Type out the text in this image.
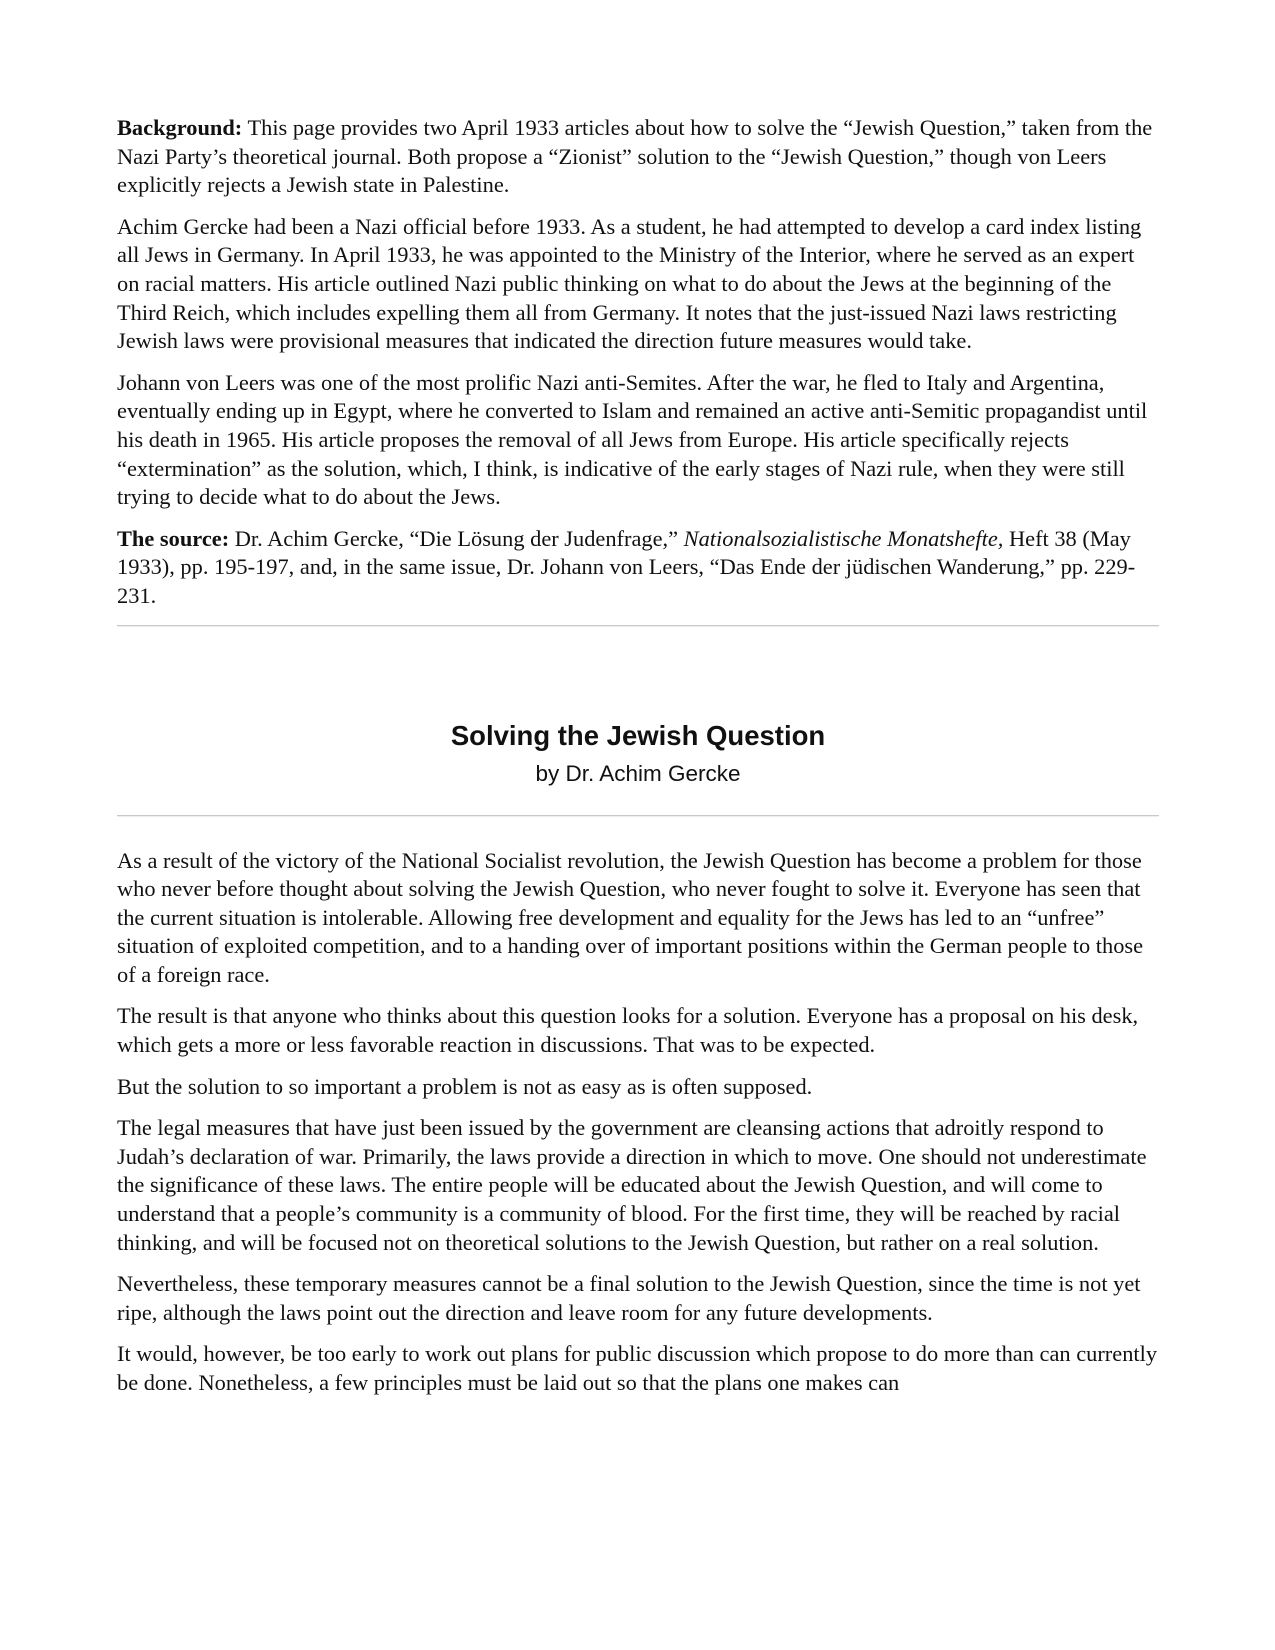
Background: This page provides two April 1933 articles about how to solve the “Jewish Question,” taken from the Nazi Party’s theoretical journal. Both propose a “Zionist” solution to the “Jewish Question,” though von Leers explicitly rejects a Jewish state in Palestine.

Achim Gercke had been a Nazi official before 1933. As a student, he had attempted to develop a card index listing all Jews in Germany. In April 1933, he was appointed to the Ministry of the Interior, where he served as an expert on racial matters. His article outlined Nazi public thinking on what to do about the Jews at the beginning of the Third Reich, which includes expelling them all from Germany. It notes that the just-issued Nazi laws restricting Jewish laws were provisional measures that indicated the direction future measures would take.

Johann von Leers was one of the most prolific Nazi anti-Semites. After the war, he fled to Italy and Argentina, eventually ending up in Egypt, where he converted to Islam and remained an active anti-Semitic propagandist until his death in 1965. His article proposes the removal of all Jews from Europe. His article specifically rejects “extermination” as the solution, which, I think, is indicative of the early stages of Nazi rule, when they were still trying to decide what to do about the Jews.

The source: Dr. Achim Gercke, “Die Lösung der Judenfrage,” Nationalsozialistische Monatshefte, Heft 38 (May 1933), pp. 195-197, and, in the same issue, Dr. Johann von Leers, “Das Ende der jüdischen Wanderung,” pp. 229-231.

Solving the Jewish Question
by Dr. Achim Gercke

As a result of the victory of the National Socialist revolution, the Jewish Question has become a problem for those who never before thought about solving the Jewish Question, who never fought to solve it. Everyone has seen that the current situation is intolerable. Allowing free development and equality for the Jews has led to an “unfree” situation of exploited competition, and to a handing over of important positions within the German people to those of a foreign race.

The result is that anyone who thinks about this question looks for a solution. Everyone has a proposal on his desk, which gets a more or less favorable reaction in discussions. That was to be expected.

But the solution to so important a problem is not as easy as is often supposed.

The legal measures that have just been issued by the government are cleansing actions that adroitly respond to Judah’s declaration of war. Primarily, the laws provide a direction in which to move. One should not underestimate the significance of these laws. The entire people will be educated about the Jewish Question, and will come to understand that a people’s community is a community of blood. For the first time, they will be reached by racial thinking, and will be focused not on theoretical solutions to the Jewish Question, but rather on a real solution.

Nevertheless, these temporary measures cannot be a final solution to the Jewish Question, since the time is not yet ripe, although the laws point out the direction and leave room for any future developments.

It would, however, be too early to work out plans for public discussion which propose to do more than can currently be done. Nonetheless, a few principles must be laid out so that the plans one makes can
